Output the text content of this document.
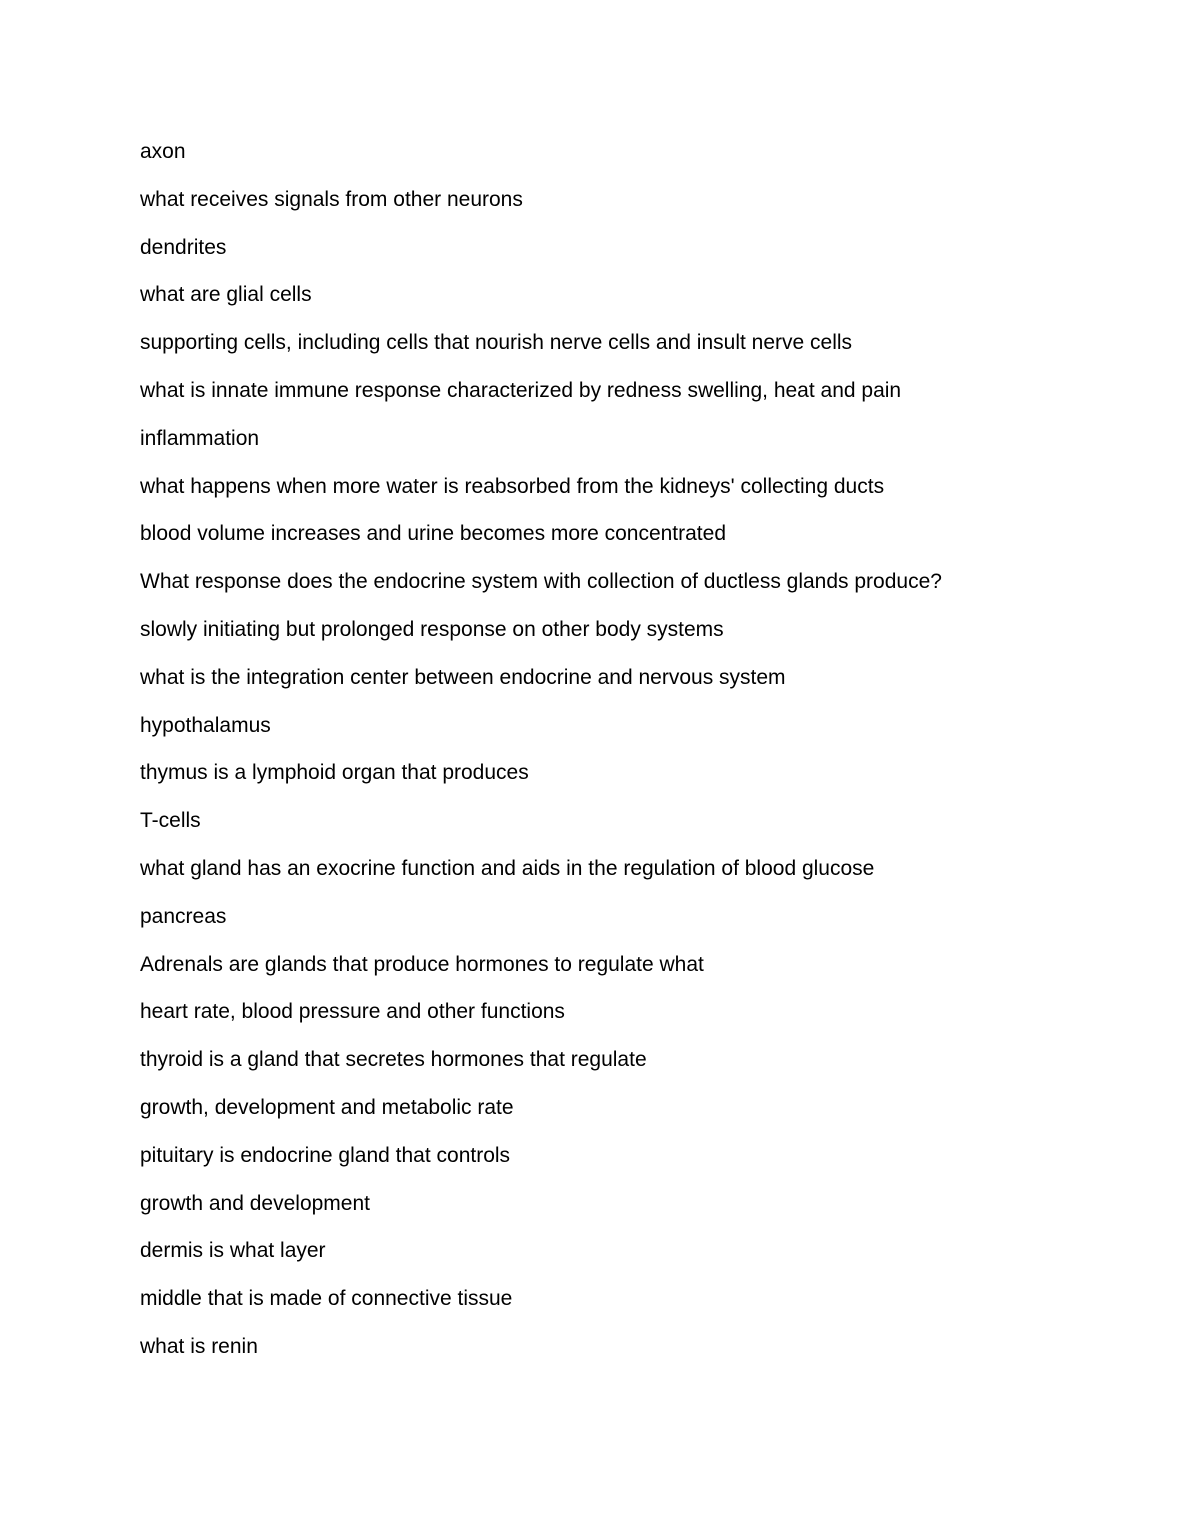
axon
what receives signals from other neurons
dendrites
what are glial cells
supporting cells, including cells that nourish nerve cells and insult nerve cells
what is innate immune response characterized by redness swelling, heat and pain
inflammation
what happens when more water is reabsorbed from the kidneys' collecting ducts
blood volume increases and urine becomes more concentrated
What response does the endocrine system with collection of ductless glands produce?
slowly initiating but prolonged response on other body systems
what is the integration center between endocrine and nervous system
hypothalamus
thymus is a lymphoid organ that produces
T-cells
what gland has an exocrine function and aids in the regulation of blood glucose
pancreas
Adrenals are glands that produce hormones to regulate what
heart rate, blood pressure and other functions
thyroid is a gland that secretes hormones that regulate
growth, development and metabolic rate
pituitary is endocrine gland that controls
growth and development
dermis is what layer
middle that is made of connective tissue
what is renin
